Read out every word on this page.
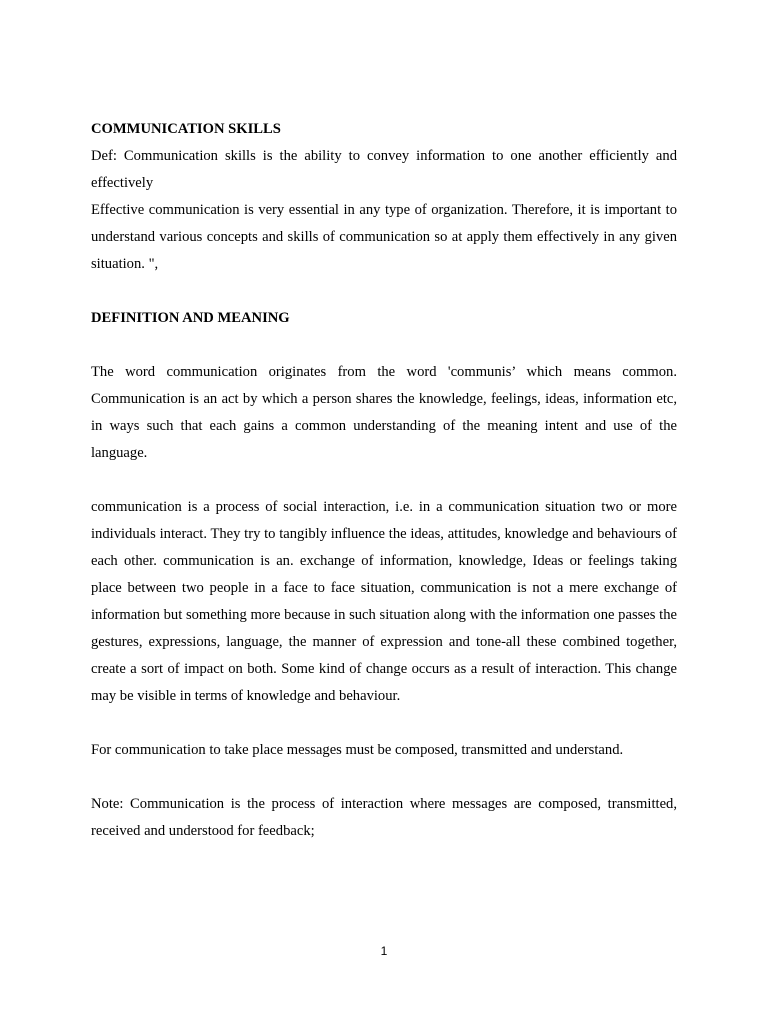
COMMUNICATION SKILLS

Def: Communication skills is the ability to convey information to one another efficiently and effectively

Effective communication is very essential in any type of organization. Therefore, it is important to understand various concepts and skills of communication so at apply them effectively in any given situation. ",

DEFINITION AND MEANING

The word communication originates from the word 'communis’ which means common. Communication is an act by which a person shares the knowledge, feelings, ideas, information etc, in ways such that each gains a common understanding of the meaning intent and use of the language.

communication is a process of social interaction, i.e. in a communication situation two or more individuals interact. They try to tangibly influence the ideas, attitudes, knowledge and behaviours of each other. communication is an. exchange of information, knowledge, Ideas or feelings taking place between two people in a face to face situation, communication is not a mere exchange of information but something more because in such situation along with the information one passes the gestures, expressions, language, the manner of expression and tone-all these combined together, create a sort of impact on both. Some kind of change occurs as a result of interaction. This change may be visible in terms of knowledge and behaviour.

For communication to take place messages must be composed, transmitted and understand.

Note: Communication is the process of interaction where messages are composed, transmitted, received and understood for feedback;

1
